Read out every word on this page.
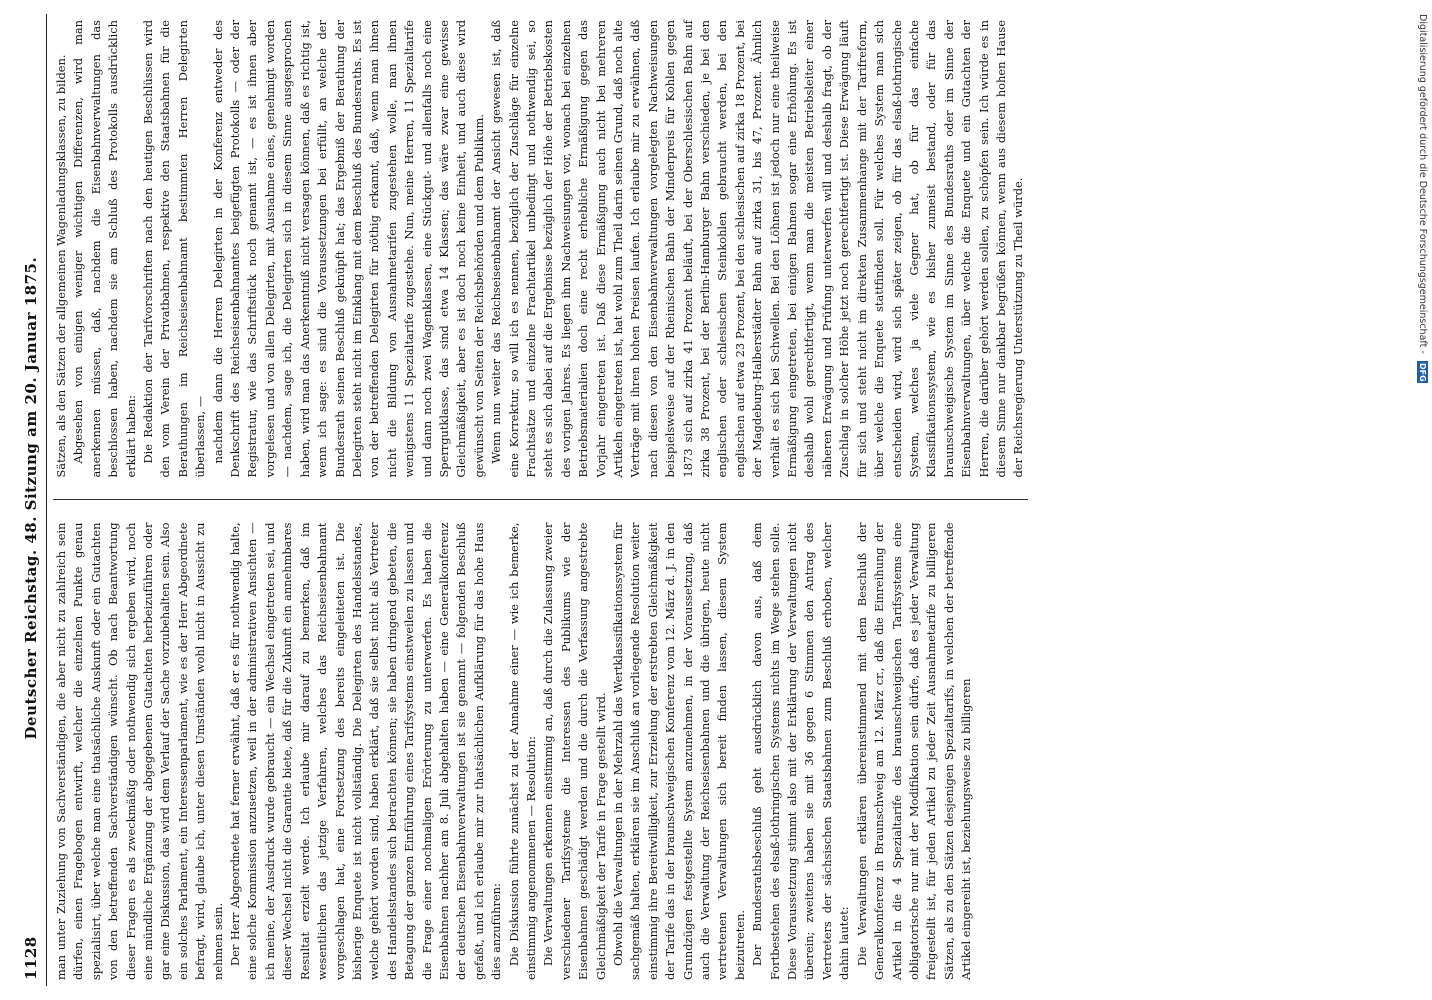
1128
Deutscher Reichstag. 48. Sitzung am 20. Januar 1875.

man unter Zuziehung von Sachverständigen, die aber nicht zu zahlreich sein dürfen, einen Fragebogen entwirft, welcher die einzelnen Punkte genau spezialisirt, über welche man eine thatsächliche Auskunft oder ein Gutachten von den betreffenden Sachverständigen wünscht. Ob nach Beantwortung dieser Fragen es als zweckmäßig oder nothwendig sich ergeben wird, noch eine mündliche Ergänzung der abgegebenen Gutachten herbeizuführen oder gar eine Diskussion, das wird dem Verlauf der Sache vorzubehalten sein. Also ein solches Parlament, ein Interessenparlament, wie es der Herr Abgeordnete befragt, wird, glaube ich, unter diesen Umständen wohl nicht in Aussicht zu nehmen sein. Der Herr Abgeordnete hat ferner erwähnt, daß er es für nothwendig halte, eine solche Kommission anzusetzen, weil in der administrativen Ansichten — ich meine, der Ausdruck wurde gebraucht — ein Wechsel eingetreten sei, und dieser Wechsel nicht die Garantie biete, daß für die Zukunft ein annehmbares Resultat erzielt werde. Ich erlaube mir darauf zu bemerken, daß im wesentlichen das jetzige Verfahren, welches das Reichseisenbahnamt vorgeschlagen hat, eine Fortsetzung des bereits eingeleiteten ist. Die bisherige Enquete ist nicht vollständig. Die Delegirten des Handelsstandes, welche gehört worden sind, haben erklärt, daß sie selbst nicht als Vertreter des Handelsstandes sich betrachten können; sie haben dringend gebeten, die Betagung der ganzen Einführung eines Tarifsystems einstweilen zu lassen und die Frage einer nochmaligen Erörterung zu unterwerfen. Es haben die Eisenbahnen nachher am 8. Juli abgehalten haben — eine Generalkonferenz der deutschen Eisenbahnverwaltungen ist sie genannt — folgenden Beschluß gefaßt, und ich erlaube mir zur thatsächlichen Aufklärung für das hohe Haus dies anzuführen: Die Diskussion führte zunächst zu der Annahme einer — wie ich bemerke, einstimmig angenommenen — Resolution: Die Verwaltungen erkennen einstimmig an, daß durch die Zulassung zweier verschiedener Tarifsysteme die Interessen des Publikums wie der Eisenbahnen geschädigt werden und die durch die Verfassung angestrebte Gleichmäßigkeit der Tarife in Frage gestellt wird. Obwohl die Verwaltungen in der Mehrzahl das Wertklassifikationssystem für sachgemäß halten, erklären sie im Anschluß an vorliegende Resolution weiter einstimmig ihre Bereitwilligkeit, zur Erzielung der erstrebten Gleichmäßigkeit der Tarife das in der braunschweigischen Konferenz vom 12. März d. J. in den Grundzügen festgestellte System anzunehmen, in der Voraussetzung, daß auch die Verwaltung der Reichseisenbahnen und die übrigen, heute nicht vertretenen Verwaltungen sich bereit finden lassen, diesem System beizutreten. Der Bundesrathsbeschluß geht ausdrücklich davon aus, daß dem Fortbestehen des elsaß-lothringischen Systems nichts im Wege stehen solle. Diese Voraussetzung stimmt also mit der Erklärung der Verwaltungen nicht überein; zweitens haben sie mit 36 gegen 6 Stimmen den Antrag des Vertreters der sächsischen Staatsbahnen zum Beschluß erhoben, welcher dahin lautet: Die Verwaltungen erklären übereinstimmend mit dem Beschluß der Generalkonferenz in Braunschweig am 12. März cr., daß die Einreihung der Artikel in die 4 Spezialtarife des braunschweigischen Tarifsystems eine obligatorische nur mit der Modifikation sein dürfe, daß es jeder Verwaltung freigestellt ist, für jeden Artikel zu jeder Zeit Ausnahmetarife zu billigeren Sätzen, als zu den Sätzen desjenigen Spezialtarifs, in welchen der betreffende Artikel eingereiht ist, beziehungsweise zu billigeren

Sätzen, als den Sätzen der allgemeinen Wagenladungsklassen, zu bilden. Abgesehen von einigen weniger wichtigen Differenzen, wird man anerkennen müssen, daß, nachdem die Eisenbahnverwaltungen das beschlossen haben, nachdem sie am Schluß des Protokolls ausdrücklich erklärt haben: Die Redaktion der Tarifvorschriften nach den heutigen Beschlüssen wird den vom Verein der Privatbahnen, respektive den Staatsbahnen für die Berathungen im Reichseisenbahnamt bestimmten Herren Delegirten überlassen, — nachdem dann die Herren Delegirten in der Konferenz entweder des Denkschrift des Reichseisenbahnamtes beigefügten Protokolls — oder der Registratur, wie das Schriftstück noch genannt ist, — es ist ihnen aber vorgelesen und von allen Delegirten, mit Ausnahme eines, genehmigt worden — nachdem, sage ich, die Delegirten sich in diesem Sinne ausgesprochen haben, wird man das Anerkenntniß nicht versagen können, daß es richtig ist, wenn ich sage: es sind die Voraussetzungen bei erfüllt, an welche der Bundesrath seinen Beschluß geknüpft hat; das Ergebniß der Berathung der Delegirten steht nicht im Einklang mit dem Beschluß des Bundesraths. Es ist von der betreffenden Delegirten für nöthig erkannt, daß, wenn man ihnen nicht die Bildung von Ausnahmetarifen zugestehen wolle, man ihnen wenigstens 11 Spezialtarife zugestehe. Nun, meine Herren, 11 Spezialtarife und dann noch zwei Wagenklassen, eine Stückgut- und allenfalls noch eine Sperrgutklasse, das sind etwa 14 Klassen; das wäre zwar eine gewisse Gleichmäßigkeit, aber es ist doch noch keine Einheit, und auch diese wird gewünscht von Seiten der Reichsbehörden und dem Publikum. Wenn nun weiter das Reichseisenbahnamt der Ansicht gewesen ist, daß eine Korrektur, so will ich es nennen, bezüglich der Zuschläge für einzelne Frachtsätze und einzelne Frachtartikel unbedingt und nothwendig sei, so steht es sich dabei auf die Ergebnisse bezüglich der Höhe der Betriebskosten des vorigen Jahres. Es liegen ihm Nachweisungen vor, wonach bei einzelnen Betriebsmaterialien doch eine recht erhebliche Ermäßigung gegen das Vorjahr eingetreten ist. Daß diese Ermäßigung auch nicht bei mehreren Artikeln eingetreten ist, hat wohl zum Theil darin seinen Grund, daß noch alte Verträge mit ihren hohen Preisen laufen. Ich erlaube mir zu erwähnen, daß nach diesen von den Eisenbahnverwaltungen vorgelegten Nachweisungen beispielsweise auf der Rheinischen Bahn der Minderpreis für Kohlen gegen 1873 sich auf zirka 41 Prozent beläuft, bei der Oberschlesischen Bahn auf zirka 38 Prozent, bei der Berlin-Hamburger Bahn verschieden, je bei den englischen oder schlesischen Steinkohlen gebraucht werden, bei den englischen auf etwa 23 Prozent, bei den schlesischen auf zirka 18 Prozent, bei der Magdeburg-Halberstädter Bahn auf zirka 31, bis 47, Prozent. Ähnlich verhält es sich bei Schwellen. Bei den Löhnen ist jedoch nur eine theilweise Ermäßigung eingetreten, bei einigen Bahnen sogar eine Erhöhung. Es ist deshalb wohl gerechtfertigt, wenn man die meisten Betriebsleiter einer näheren Erwägung und Prüfung unterwerfen will und deshalb fragt, ob der Zuschlag in solcher Höhe jetzt noch gerechtfertigt ist. Diese Erwägung läuft für sich und steht nicht im direkten Zusammenhange mit der Tarifreform, über welche die Enquete stattfinden soll. Für welches System man sich entscheiden wird, wird sich später zeigen, ob für das elsaß-lothringische System, welches ja viele Gegner hat, ob für das einfache Klassifikationssystem, wie es bisher zumeist bestand, oder für das braunschweigische System im Sinne des Bundesraths oder im Sinne der Eisenbahnverwaltungen, über welche die Enquete und ein Gutachten der Herren, die darüber gehört werden sollen, zu schöpfen sein. Ich würde es in diesem Sinne nur dankbar begrüßen können, wenn aus diesem hohen Hause der Reichsregierung Unterstützung zu Theil würde.	Digitalisierung gefördert durch die Deutsche Forschungsgemeinschaft - DFG
